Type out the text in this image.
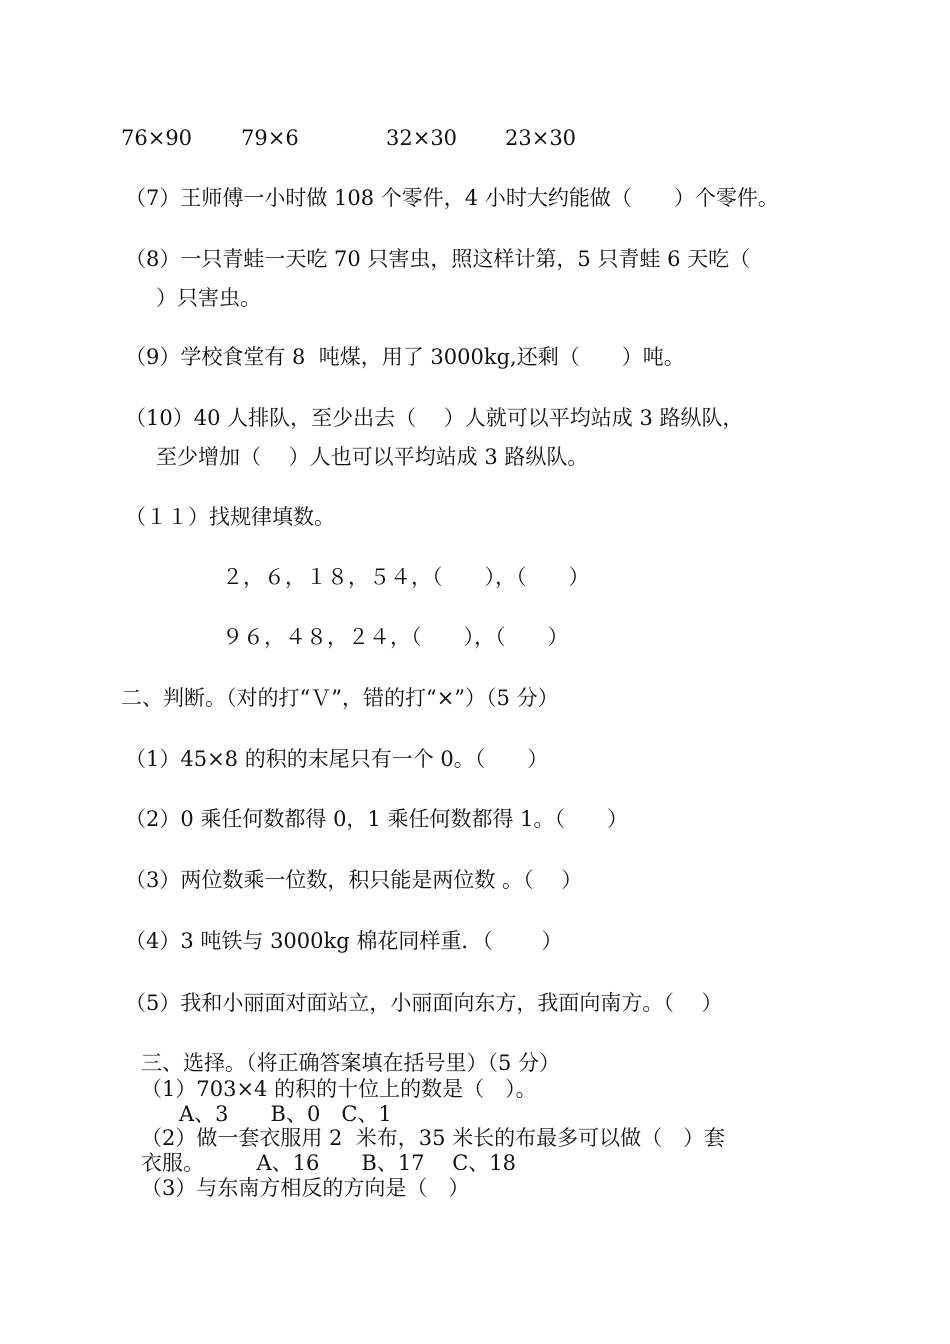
76×90 79×6	32×30 23×30
（7）王师傅一小时做 108 个零件，4 小时大约能做（　　）个零件。
（8）一只青蛙一天吃 70 只害虫，照这样计第，5 只青蛙 6 天吃（
）只害虫。
（9）学校食堂有 8  吨煤，用了 3000kg,还剩（　　）吨。
（10）40 人排队，至少出去（　 ）人就可以平均站成 3 路纵队，
至少增加（　 ）人也可以平均站成 3 路纵队。
（１１）找规律填数。
２，６，１８，５４，（　　），（　　）
９６，４８，２４，（　　），（　　）
二、判断。（对的打“Ｖ”，错的打“×”）（5 分）
（1）45×8 的积的末尾只有一个 0。（　　）
（2）0 乘任何数都得 0，1 乘任何数都得 1。（　　）
（3）两位数乘一位数，积只能是两位数 。（　 ）
（4）3 吨铁与 3000kg 棉花同样重．（　　 ）
（5）我和小丽面对面站立，小丽面向东方，我面向南方。（　 ）
三、选择。（将正确答案填在括号里）（5 分）
（1）703×4 的积的十位上的数是（　）。
A、3　　B、0　C、1
（2）做一套衣服用 2  米布，35 米长的布最多可以做（　）套
衣服。　　　A、16　　B、17　 C、18
（3）与东南方相反的方向是（　）
